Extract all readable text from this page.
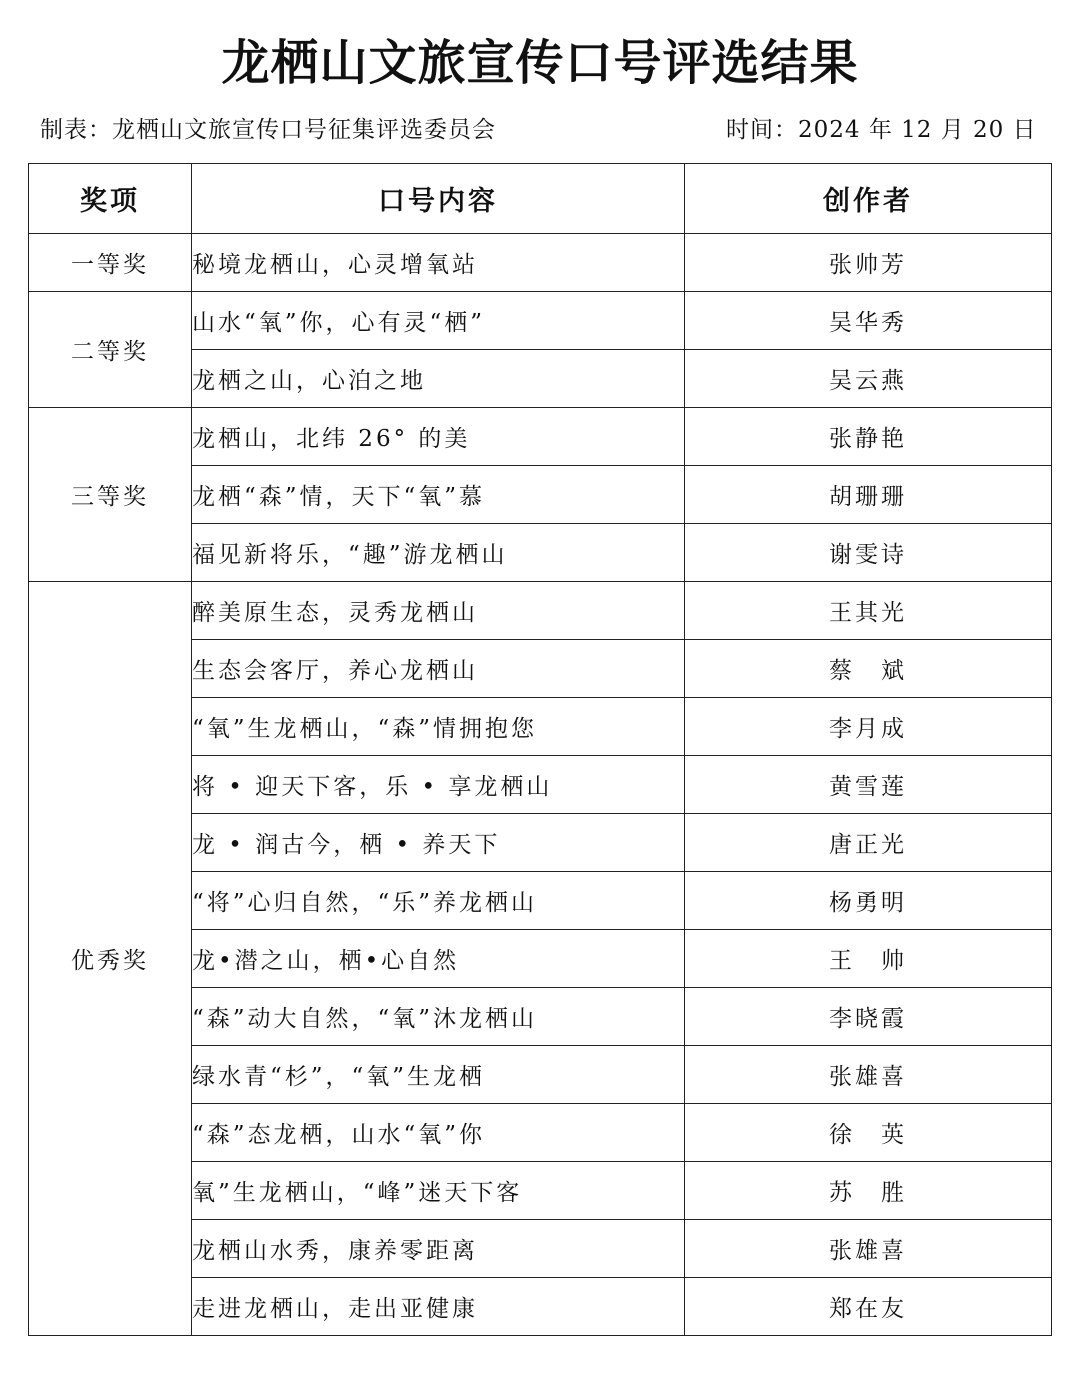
龙栖山文旅宣传口号评选结果
制表：龙栖山文旅宣传口号征集评选委员会	时间：2024 年 12 月 20 日
奖项	口号内容	创作者
一等奖	秘境龙栖山，心灵增氧站	张帅芳
二等奖	山水“氧”你，心有灵“栖”	吴华秀
	龙栖之山，心泊之地	吴云燕
三等奖	龙栖山，北纬 26° 的美	张静艳
	龙栖“森”情，天下“氧”慕	胡珊珊
	福见新将乐，“趣”游龙栖山	谢雯诗
优秀奖	醉美原生态，灵秀龙栖山	王其光
	生态会客厅，养心龙栖山	蔡　斌
	“氧”生龙栖山，“森”情拥抱您	李月成
	将 • 迎天下客，乐 • 享龙栖山	黄雪莲
	龙 • 润古今，栖 • 养天下	唐正光
	“将”心归自然，“乐”养龙栖山	杨勇明
	龙•潜之山，栖•心自然	王　帅
	“森”动大自然，“氧”沐龙栖山	李晓霞
	绿水青“杉”，“氧”生龙栖	张雄喜
	“森”态龙栖，山水“氧”你	徐　英
	氧”生龙栖山，“峰”迷天下客	苏　胜
	龙栖山水秀，康养零距离	张雄喜
	走进龙栖山，走出亚健康	郑在友
